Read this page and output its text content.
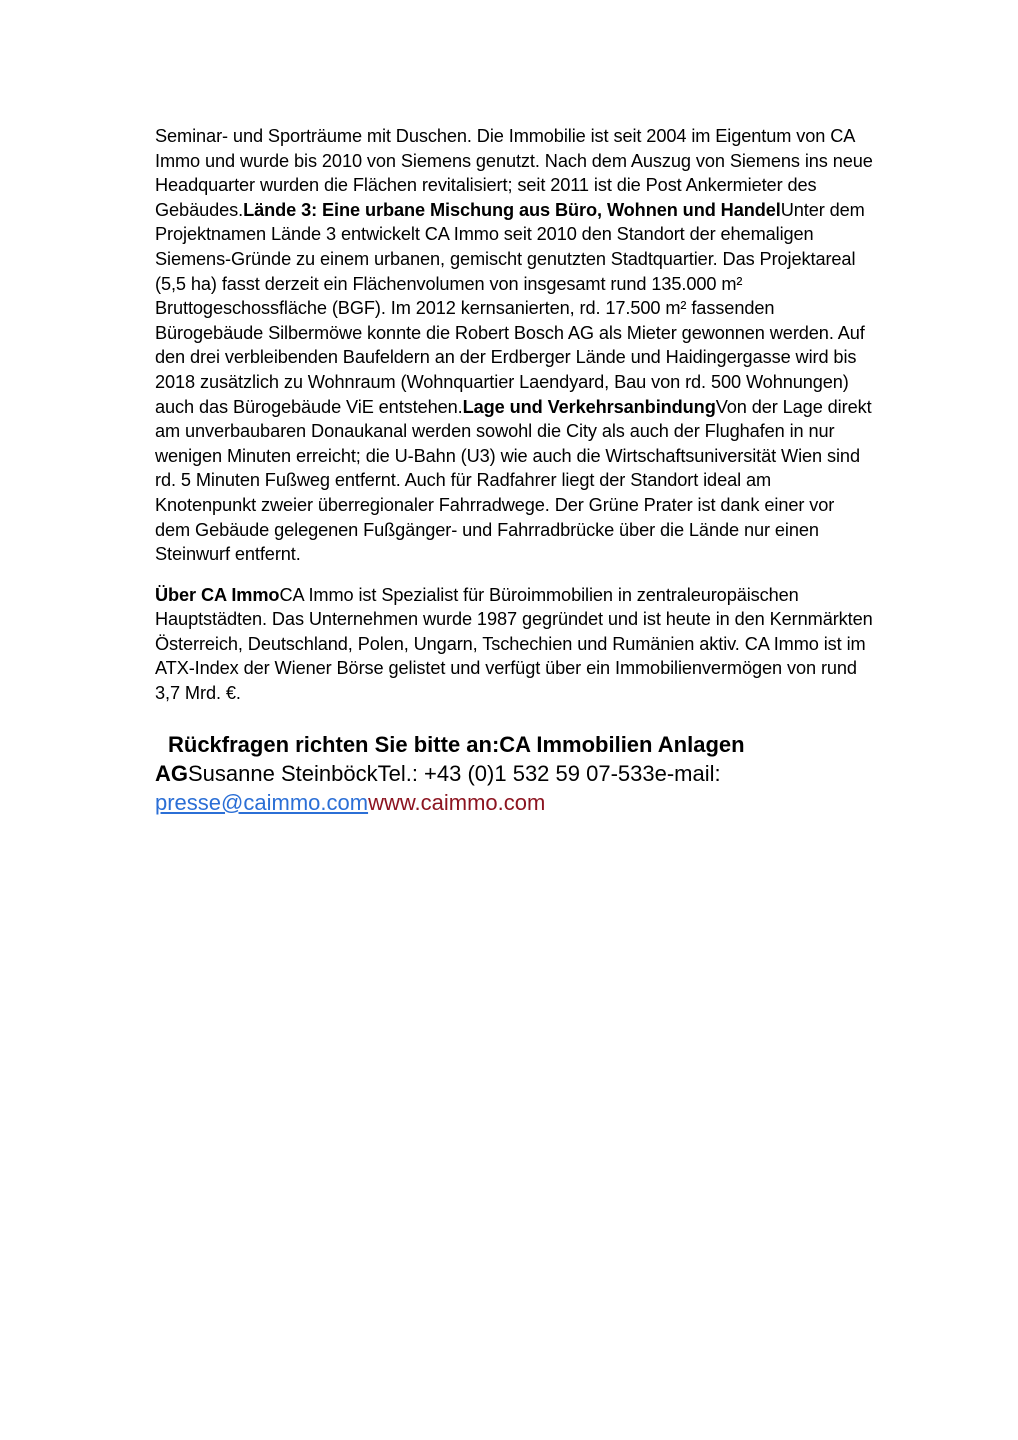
Seminar- und Sporträume mit Duschen. Die Immobilie ist seit 2004 im Eigentum von CA Immo und wurde bis 2010 von Siemens genutzt. Nach dem Auszug von Siemens ins neue Headquarter wurden die Flächen revitalisiert; seit 2011 ist die Post Ankermieter des Gebäudes.Lände 3: Eine urbane Mischung aus Büro, Wohnen und HandelUnter dem Projektnamen Lände 3 entwickelt CA Immo seit 2010 den Standort der ehemaligen Siemens-Gründe zu einem urbanen, gemischt genutzten Stadtquartier. Das Projektareal (5,5 ha) fasst derzeit ein Flächenvolumen von insgesamt rund 135.000 m² Bruttogeschossfläche (BGF). Im 2012 kernsanierten, rd. 17.500 m² fassenden Bürogebäude Silbermöwe konnte die Robert Bosch AG als Mieter gewonnen werden. Auf den drei verbleibenden Baufeldern an der Erdberger Lände und Haidingergasse wird bis 2018 zusätzlich zu Wohnraum (Wohnquartier Laendyard, Bau von rd. 500 Wohnungen) auch das Bürogebäude ViE entstehen.Lage und VerkehrsanbindungVon der Lage direkt am unverbaubaren Donaukanal werden sowohl die City als auch der Flughafen in nur wenigen Minuten erreicht; die U-Bahn (U3) wie auch die Wirtschaftsuniversität Wien sind rd. 5 Minuten Fußweg entfernt. Auch für Radfahrer liegt der Standort ideal am Knotenpunkt zweier überregionaler Fahrradwege. Der Grüne Prater ist dank einer vor dem Gebäude gelegenen Fußgänger- und Fahrradbrücke über die Lände nur einen Steinwurf entfernt.

Über CA ImmoCA Immo ist Spezialist für Büroimmobilien in zentraleuropäischen Hauptstädten. Das Unternehmen wurde 1987 gegründet und ist heute in den Kernmärkten Österreich, Deutschland, Polen, Ungarn, Tschechien und Rumänien aktiv. CA Immo ist im ATX-Index der Wiener Börse gelistet und verfügt über ein Immobilienvermögen von rund 3,7 Mrd. €.

Rückfragen richten Sie bitte an:CA Immobilien Anlagen AGSusanne SteinböckTel.: +43 (0)1 532 59 07-533e-mail: presse@caimmo.comwww.caimmo.com
